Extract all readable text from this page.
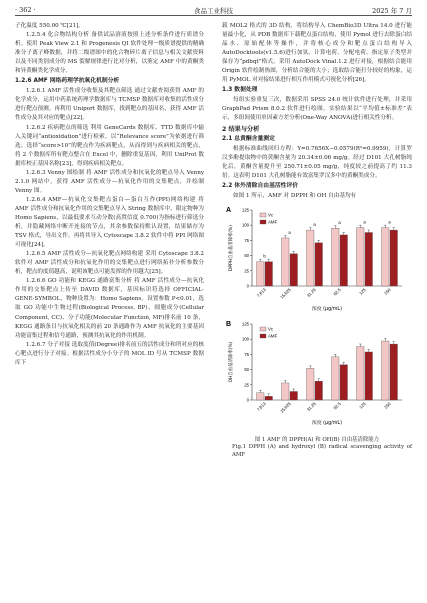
· 362 ·	食品工业科技	2025 年 7 月

子化温度 550.00 ℃[21]。

1.2.5.4 化合物结构分析 备供试品溶液按照上述分析条件进行质谱分析。使用 Peak View 2.1 和 Progenesis QI 软件处理一级质谱提供的精确准分子离子峰数据，并将二级谱图中的化合物碎片离子信息与相关文献资料以及不同类别成分的 MS 裂解规律进行比对分析，以鉴定 AMF 中的黄酮类和异黄酮类化学成分。

1.2.6 AMF 网络药理学抗氧化机制分析

1.2.6.1 AMF 活性成分收集及其靶点筛选 通过文献查阅获得 AMF 的化学成分，运用中药系统药理学数据库与 TCMSP 数据库对收集的活性成分进行靶点预测。再利用 Uniport 数据库，找到靶点的基因名，获得 AMF 活性成分及其对应的靶点[22]。

1.2.6.2 疾病靶点的筛选 利用 GeneCards 数据库、TTD 数据库中输入关键词“antioxidation”进行检索，以“Relevance score”为依据进行筛选。选择“score>10”的靶点作为疾病靶点，从而得到与疾病相关的靶点，将 2 个数据库所有靶点整合在 Excel 中，删除重复基因，利用 UniProt 数据库校正基因名称[23]，得到疾病相关靶点。

1.2.6.3 Venny 图绘制 将 AMF 活性成分和抗氧化的靶点导入 Venny 2.1.0 网站中，获得 AMF 活性成分—抗氧化作用的交集靶点，并绘制 Venny 图。

1.2.6.4 AMF—抗氧化交集靶点蛋白—蛋白互作(PPI)网络构建 将 AMF 活性成分和抗氧化作用的交集靶点导入 String 数据库中，限定物种为 Homo Sapiens，以最低要求互动分数(高置信度 0.700)为指标进行筛选分析，并隐藏网络中断开连接的节点，其余参数保持默认设置，结果储存为 TSV 格式，导出文件，再将其导入 Cytoscape 3.8.2 软件中将 PPI 网络图可视化[24]。

1.2.6.5 AMF 活性成分—抗氧化靶点网络构建 采用 Cytoscape 3.8.2 软件对 AMF 活性成分和抗氧化作用的交集靶点进行网络拓扑分析参数分析，靶点的度值越高，说明该靶点可能发挥的作用越大[25]。

1.2.6.6 GO 功能和 KEGG 通路富集分析 将 AMF 活性成分—抗氧化作用的交集靶点上传至 DAVID 数据库，基因标识符选择 OFFICIAL-GENE-SYMBOL，物种设置为：Homo Sapiens。设置参数 P<0.01，选取 GO 功能中生物过程(Biological Process, BP)、细胞成分(Cellular Component, CC)、分子功能(Molecular Function, MF)排名前 10 条，KEGG 通路条目与抗氧化相关的前 20 条通路作为 AMF 抗氧化的主要基因功能富集过程和信号通路，预测其抗氧化的作用机制。

1.2.6.7 分子对接 选取度值(Degree)排名前五的活性成分和所对应的核心靶点进行分子对接。根据活性成分小分子的 MOL ID 号从 TCMSP 数据库下

载 MOL2 格式的 3D 结构，将结构导入 ChemBio3D Ultra 14.0 进行能量最小化，从 PDB 数据库下载靶点蛋白结构，使用 Pymol 进行去除蛋白结晶水、原始配体等操作，并将核心成分和靶点蛋白结构导入 AutoDocktools(v1.5.6)进行加氢、计算电荷、分配电荷、指定原子类型并保存为“pdbqt”格式。采用 AutoDock Vinal.1.2 进行对接，根据结合能用 Origin 软件绘制热图，分析结合能的大小；选取结合能打分较好的构象，运用 PyMOL 对对接结果进行相互作用模式可视化分析[26]。

1.3 数据处理

每组实验重复三次，数据采用 SPSS 24.0 统计软件进行处理，并采用 GraphPad Prism 8.0.2 软件进行绘图，实验结果以“平均值±标准差”表示，多组间使用单因素方差分析(One-Way ANOVA)进行相关性分析。

2 结果与分析

2.1 总黄酮含量测定

根据标准曲线回归方程：Y=0.7656X−0.0579(R²=0.9959)，计算罗汉多酚提取物中的黄酮含量为 20.34±0.06 mg/g。经过 D101 大孔树脂纯化后，黄酮含量提升至 250.71±0.05 mg/g，纯度较之前提高了约 11.3 倍。这表明 D101 大孔树脂能有效富集罗汉多中的黄酮类成分。

2.2 体外清除自由基活性评价

如图 1 所示，AMF 对 DPPH 和 OH 自由基均有

A
DPPH自由基清除率(%)
0
25
50
75
100
125
b
7.813
a
15.625
a
31.25
a
62.5
a
125
a
250
Vc
AMF
浓度 (μg/mL)
B
OH自由基清除率(%)
0
25
50
75
100
125
7.813	15.625	31.25	62.5	125	250
Vc
AMF
浓度 (μg/mL)
图 1 AMF 的 DPPH(A) 和 OH(B) 自由基清除能力
Fig.1 DPPH (A) and hydroxyl (B) radical scavenging activity of AMF
